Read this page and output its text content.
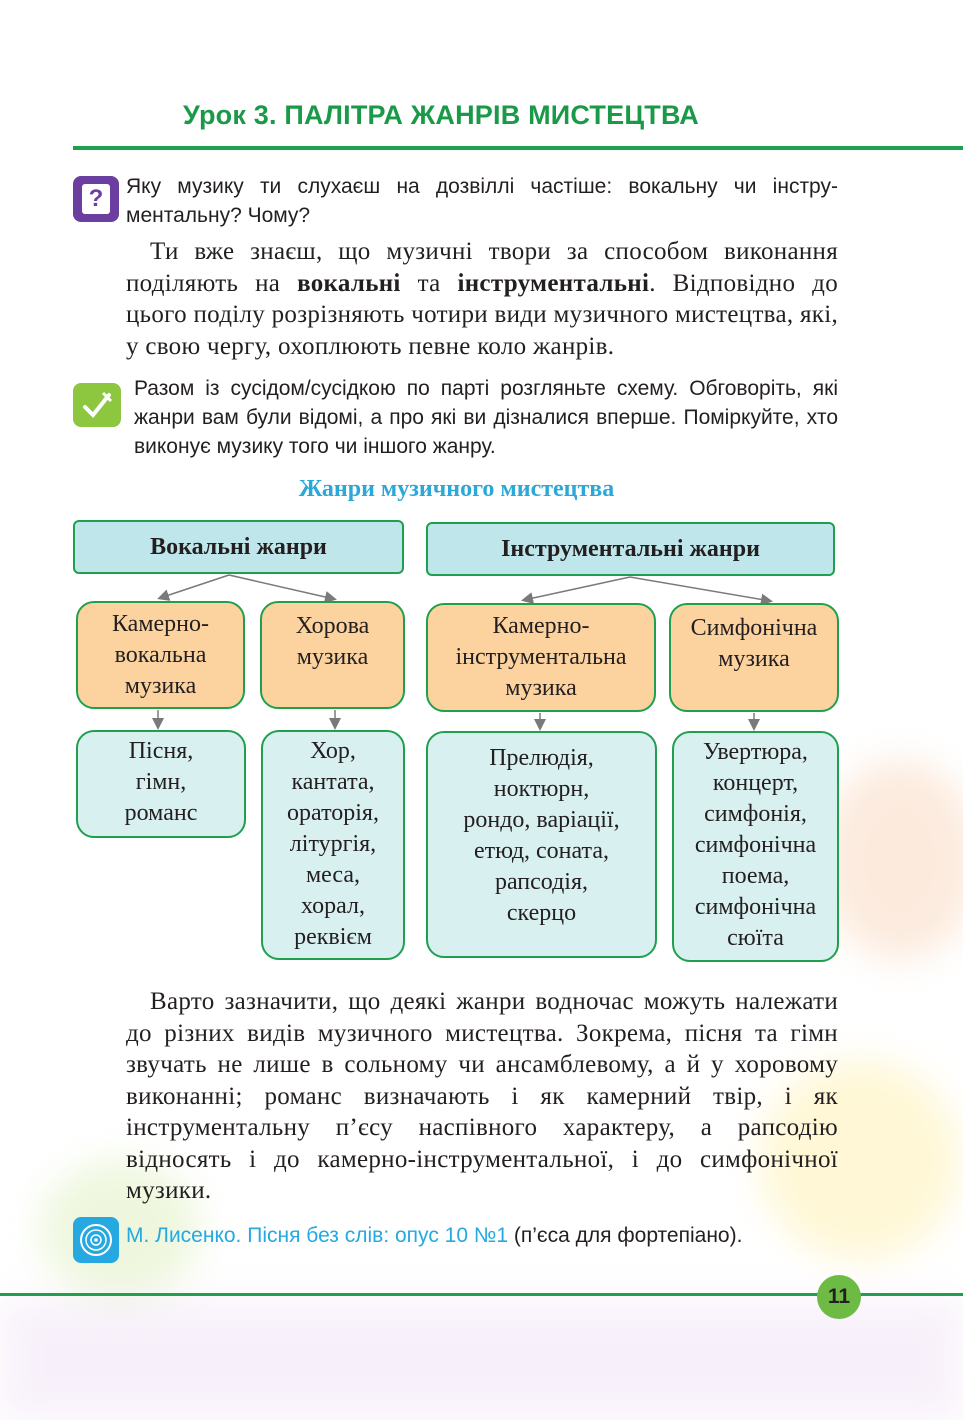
Урок 3. ПАЛІТРА ЖАНРІВ МИСТЕЦТВА
?	Яку музику ти слухаєш на дозвіллі частіше: вокальну чи інстру-ментальну? Чому?

Ти вже знаєш, що музичні твори за способом виконання поділяють на вокальні та інструментальні. Відповідно до цього поділу розрізняють чотири види музичного мистецтва, які, у свою чергу, охоплюють певне коло жанрів.

Разом із сусідом/сусідкою по парті розгляньте схему. Обговоріть, які жанри вам були відомі, а про які ви дізналися вперше. Поміркуйте, хто виконує музику того чи іншого жанру.
Жанри музичного мистецтва
Вокальні жанри	Інструментальні жанри
Камерно-вокальна музика
Хорова музика
Камерно-інструментальна музика
Симфонічна музика
Пісня,
гімн,
романс
Хор,
кантата,
ораторія,
літургія,
меса,
хорал,
реквієм
Прелюдія,
ноктюрн,
рондо, варіації,
етюд, соната,
рапсодія,
скерцо
Увертюра,
концерт,
симфонія,
симфонічна
поема,
симфонічна
сюїта

Варто зазначити, що деякі жанри водночас можуть належати до різних видів музичного мистецтва. Зокрема, пісня та гімн звучать не лише в сольному чи ансамблевому, а й у хоровому виконанні; романс визначають і як камерний твір, і як інструментальну п’єсу наспівного характеру, а рапсодію відносять і до камерно-інструментальної, і до симфонічної музики.

М. Лисенко. Пісня без слів: опус 10 №1 (п’єса для фортепіано).
11
